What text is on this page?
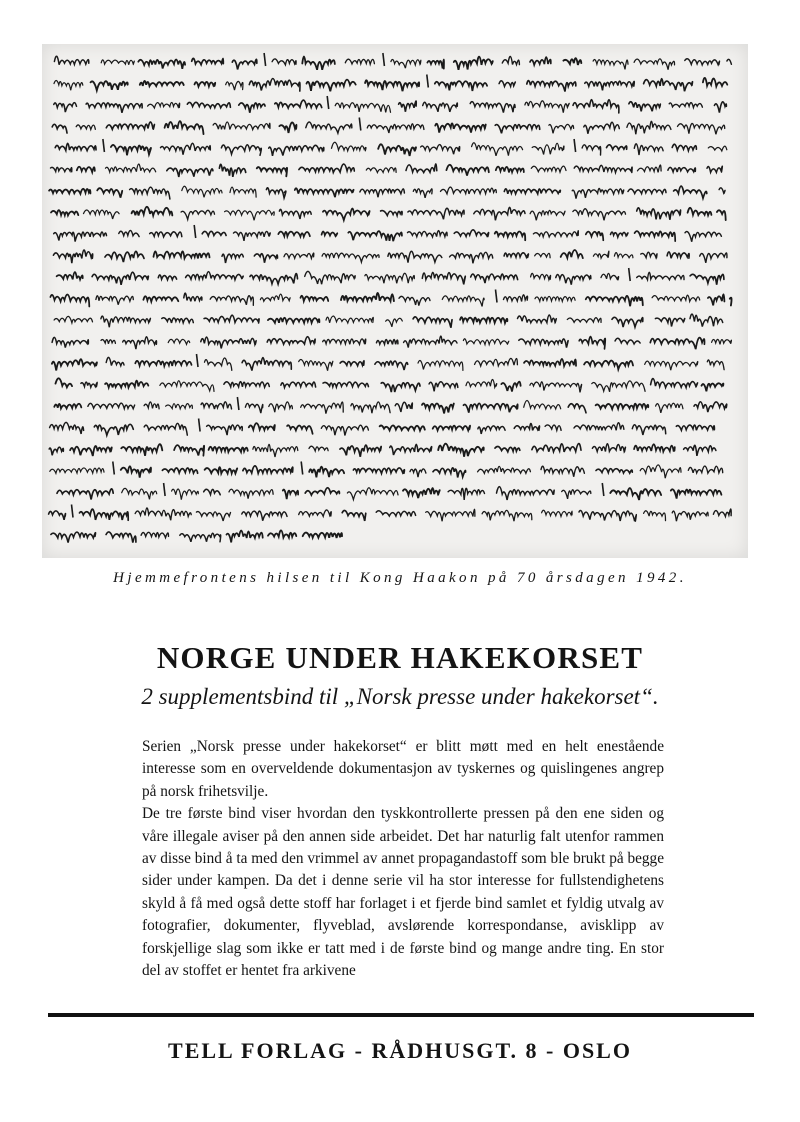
Hjemmefrontens hilsen til Kong Haakon på 70 årsdagen 1942.
NORGE UNDER HAKEKORSET
2 supplementsbind til „Norsk presse under hakekorset“.

Serien „Norsk presse under hakekorset“ er blitt møtt med en helt enestående interesse som en overveldende dokumentasjon av tyskernes og quislingenes angrep på norsk frihetsvilje.

De tre første bind viser hvordan den tyskkontrollerte pressen på den ene siden og våre illegale aviser på den annen side arbeidet. Det har naturlig falt utenfor rammen av disse bind å ta med den vrimmel av annet propagandastoff som ble brukt på begge sider under kampen. Da det i denne serie vil ha stor interesse for fullstendighetens skyld å få med også dette stoff har forlaget i et fjerde bind samlet et fyldig utvalg av fotografier, dokumenter, flyveblad, avslørende korrespondanse, avisklipp av forskjellige slag som ikke er tatt med i de første bind og mange andre ting. En stor del av stoffet er hentet fra arkivene

TELL FORLAG - RÅDHUSGT. 8 - OSLO
